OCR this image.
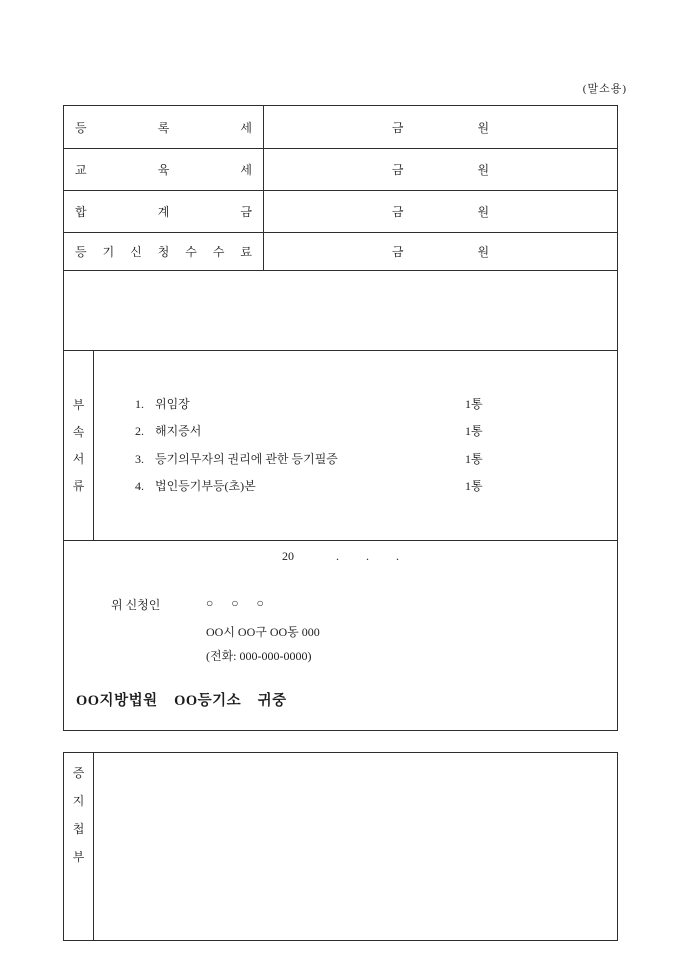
(말소용)
등 록 세	금	원
교 육 세	금	원
합 계 금	금	원
등 기 신 청 수 수 료	금	원
부
속
서
류
1. 위임장	1통
2. 해지증서	1통
3. 등기의무자의 권리에 관한 등기필증	1통
4. 법인등기부등(초)본	1통
20              .         .         .
위 신청인	○      ○      ○
OO시 OO구 OO동 000
(전화: 000-000-0000)
OO지방법원    OO등기소    귀중
증
지
첩
부
